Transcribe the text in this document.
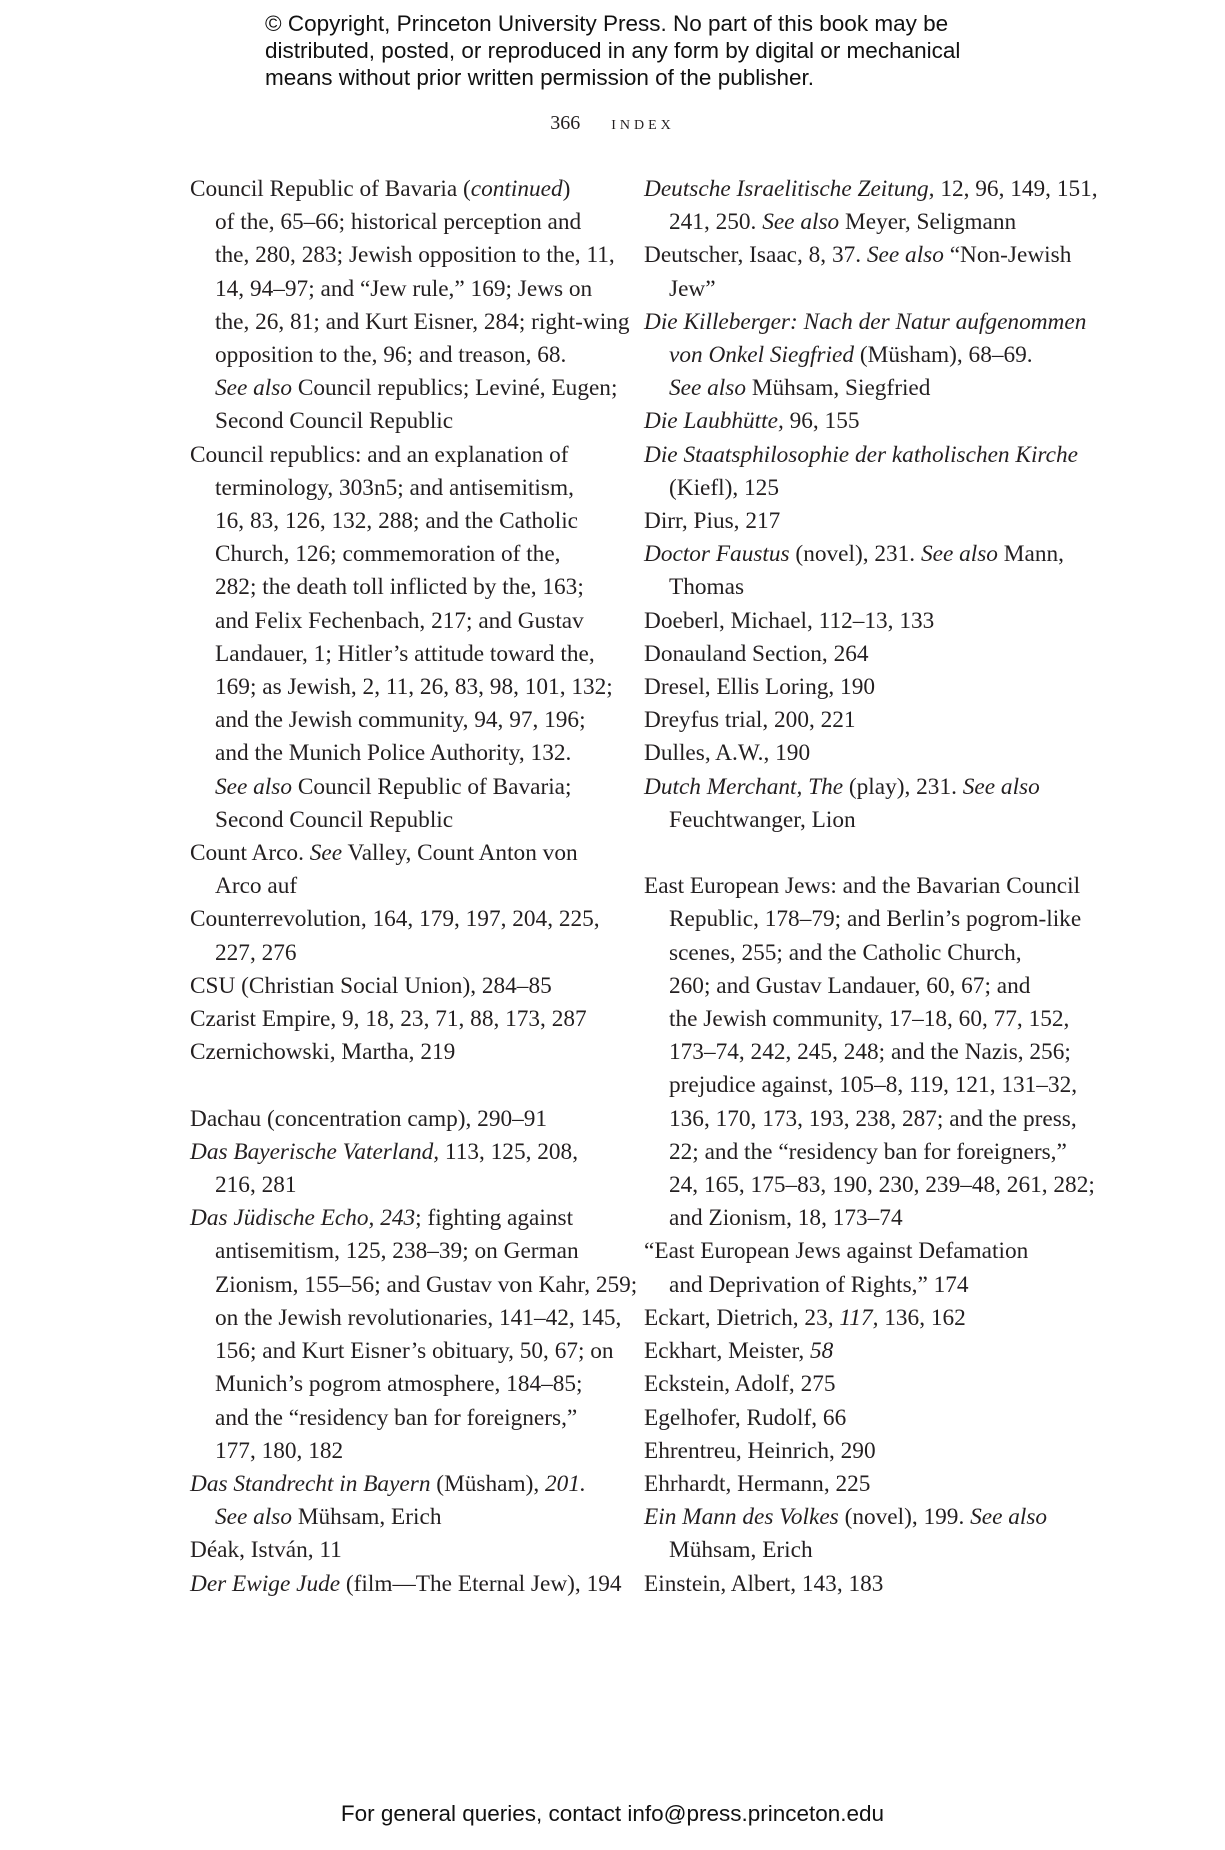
© Copyright, Princeton University Press. No part of this book may be
distributed, posted, or reproduced in any form by digital or mechanical
means without prior written permission of the publisher.
366 index
Council Republic of Bavaria (continued)
of the, 65–66; historical perception and
the, 280, 283; Jewish opposition to the, 11,
14, 94–97; and “Jew rule,” 169; Jews on
the, 26, 81; and Kurt Eisner, 284; right-wing
opposition to the, 96; and treason, 68.
See also Council republics; Leviné, Eugen;
Second Council Republic
Council republics: and an explanation of
terminology, 303n5; and antisemitism,
16, 83, 126, 132, 288; and the Catholic
Church, 126; commemoration of the,
282; the death toll inflicted by the, 163;
and Felix Fechenbach, 217; and Gustav
Landauer, 1; Hitler’s attitude toward the,
169; as Jewish, 2, 11, 26, 83, 98, 101, 132;
and the Jewish community, 94, 97, 196;
and the Munich Police Authority, 132.
See also Council Republic of Bavaria;
Second Council Republic
Count Arco. See Valley, Count Anton von
Arco auf
Counterrevolution, 164, 179, 197, 204, 225,
227, 276
CSU (Christian Social Union), 284–85
Czarist Empire, 9, 18, 23, 71, 88, 173, 287
Czernichowski, Martha, 219
Dachau (concentration camp), 290–91
Das Bayerische Vaterland, 113, 125, 208,
216, 281
Das Jüdische Echo, 243; fighting against
antisemitism, 125, 238–39; on German
Zionism, 155–56; and Gustav von Kahr, 259;
on the Jewish revolutionaries, 141–42, 145,
156; and Kurt Eisner’s obituary, 50, 67; on
Munich’s pogrom atmosphere, 184–85;
and the “residency ban for foreigners,”
177, 180, 182
Das Standrecht in Bayern (Müsham), 201.
See also Mühsam, Erich
Déak, István, 11
Der Ewige Jude (film—The Eternal Jew), 194
Deutsche Israelitische Zeitung, 12, 96, 149, 151,
241, 250. See also Meyer, Seligmann
Deutscher, Isaac, 8, 37. See also “Non-Jewish
Jew”
Die Killeberger: Nach der Natur aufgenommen
von Onkel Siegfried (Müsham), 68–69.
See also Mühsam, Siegfried
Die Laubhütte, 96, 155
Die Staatsphilosophie der katholischen Kirche
(Kiefl), 125
Dirr, Pius, 217
Doctor Faustus (novel), 231. See also Mann,
Thomas
Doeberl, Michael, 112–13, 133
Donauland Section, 264
Dresel, Ellis Loring, 190
Dreyfus trial, 200, 221
Dulles, A.W., 190
Dutch Merchant, The (play), 231. See also
Feuchtwanger, Lion
East European Jews: and the Bavarian Council
Republic, 178–79; and Berlin’s pogrom-like
scenes, 255; and the Catholic Church,
260; and Gustav Landauer, 60, 67; and
the Jewish community, 17–18, 60, 77, 152,
173–74, 242, 245, 248; and the Nazis, 256;
prejudice against, 105–8, 119, 121, 131–32,
136, 170, 173, 193, 238, 287; and the press,
22; and the “residency ban for foreigners,”
24, 165, 175–83, 190, 230, 239–48, 261, 282;
and Zionism, 18, 173–74
“East European Jews against Defamation
and Deprivation of Rights,” 174
Eckart, Dietrich, 23, 117, 136, 162
Eckhart, Meister, 58
Eckstein, Adolf, 275
Egelhofer, Rudolf, 66
Ehrentreu, Heinrich, 290
Ehrhardt, Hermann, 225
Ein Mann des Volkes (novel), 199. See also
Mühsam, Erich
Einstein, Albert, 143, 183
For general queries, contact info@press.princeton.edu
